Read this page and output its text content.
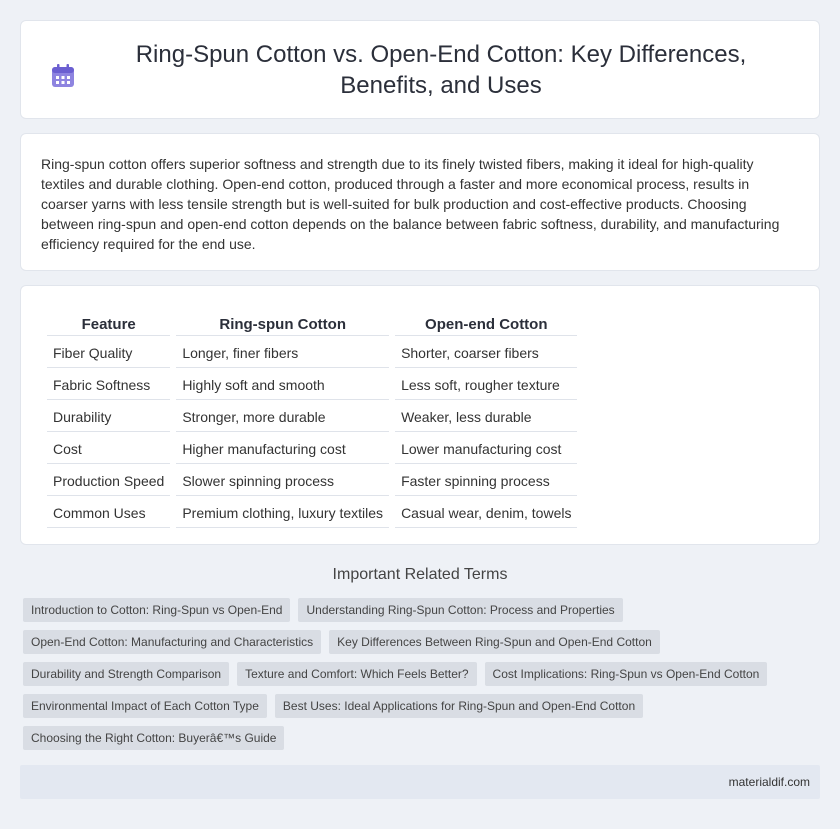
Ring-Spun Cotton vs. Open-End Cotton: Key Differences, Benefits, and Uses

Ring-spun cotton offers superior softness and strength due to its finely twisted fibers, making it ideal for high-quality textiles and durable clothing. Open-end cotton, produced through a faster and more economical process, results in coarser yarns with less tensile strength but is well-suited for bulk production and cost-effective products. Choosing between ring-spun and open-end cotton depends on the balance between fabric softness, durability, and manufacturing efficiency required for the end use.

Feature	Ring-spun Cotton	Open-end Cotton
Fiber Quality	Longer, finer fibers	Shorter, coarser fibers
Fabric Softness	Highly soft and smooth	Less soft, rougher texture
Durability	Stronger, more durable	Weaker, less durable
Cost	Higher manufacturing cost	Lower manufacturing cost
Production Speed	Slower spinning process	Faster spinning process
Common Uses	Premium clothing, luxury textiles	Casual wear, denim, towels
Important Related Terms
Introduction to Cotton: Ring-Spun vs Open-End	Understanding Ring-Spun Cotton: Process and Properties
Open-End Cotton: Manufacturing and Characteristics	Key Differences Between Ring-Spun and Open-End Cotton
Durability and Strength Comparison	Texture and Comfort: Which Feels Better?	Cost Implications: Ring-Spun vs Open-End Cotton
Environmental Impact of Each Cotton Type	Best Uses: Ideal Applications for Ring-Spun and Open-End Cotton
Choosing the Right Cotton: Buyerâ€™s Guide
materialdif.com
